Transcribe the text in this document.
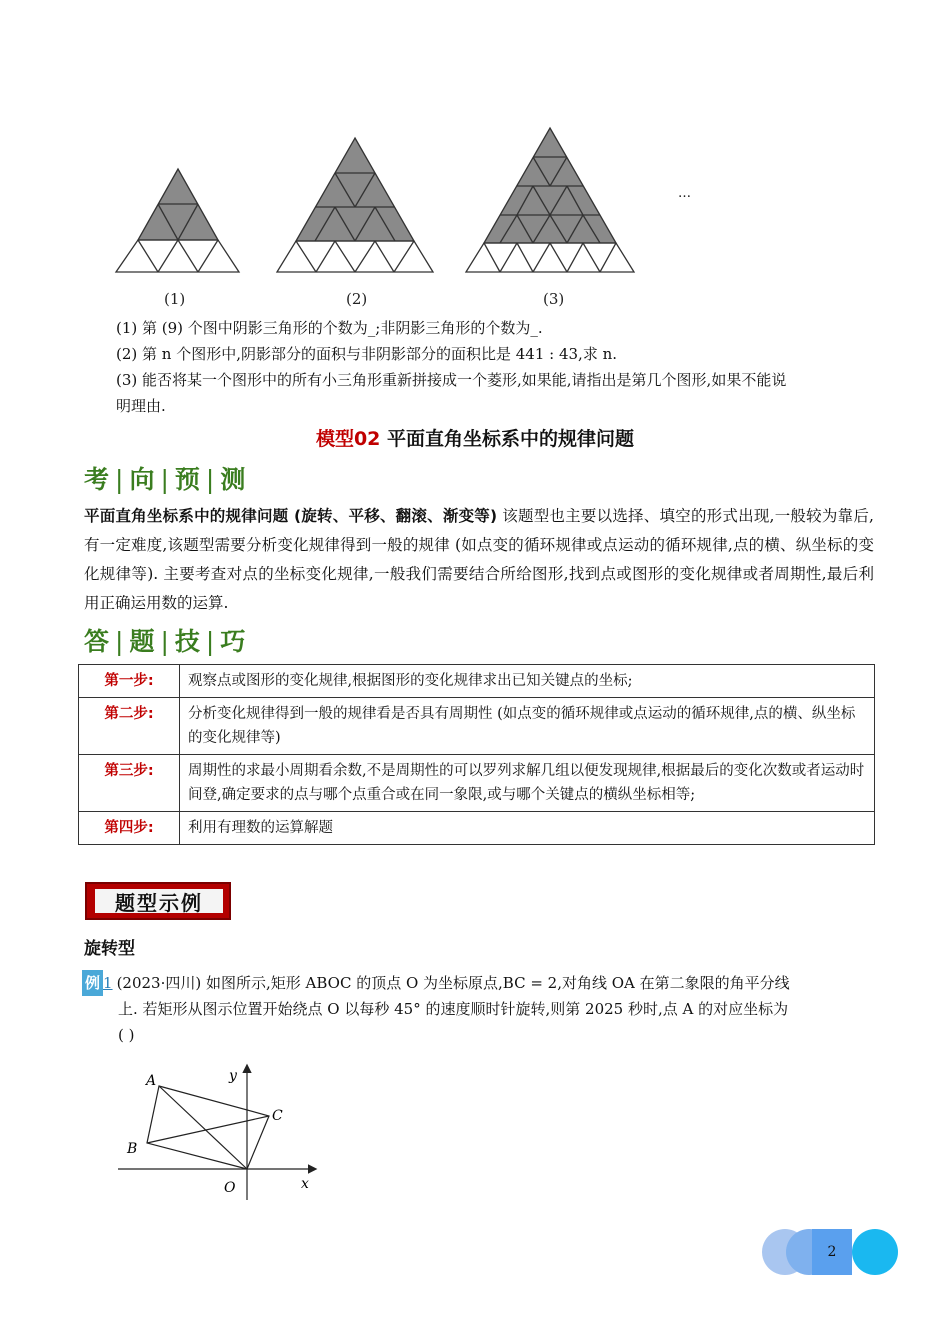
…
(1)	(2)	(3)
(1) 第 (9) 个图中阴影三角形的个数为_;非阴影三角形的个数为_.
(2) 第 n 个图形中,阴影部分的面积与非阴影部分的面积比是 441 : 43,求 n.
(3) 能否将某一个图形中的所有小三角形重新拼接成一个菱形,如果能,请指出是第几个图形,如果不能说
明理由.
模型02 平面直角坐标系中的规律问题
考 | 向 | 预 | 测
平面直角坐标系中的规律问题 (旋转、平移、翻滚、渐变等) 该题型也主要以选择、填空的形式出现,一般较为靠后,有一定难度,该题型需要分析变化规律得到一般的规律 (如点变的循环规律或点运动的循环规律,点的横、纵坐标的变化规律等). 主要考查对点的坐标变化规律,一般我们需要结合所给图形,找到点或图形的变化规律或者周期性,最后利用正确运用数的运算.
答 | 题 | 技 | 巧
第一步:	观察点或图形的变化规律,根据图形的变化规律求出已知关键点的坐标;
第二步:	分析变化规律得到一般的规律看是否具有周期性 (如点变的循环规律或点运动的循环规律,点的横、纵坐标的变化规律等)
第三步:	周期性的求最小周期看余数,不是周期性的可以罗列求解几组以便发现规律,根据最后的变化次数或者运动时间登,确定要求的点与哪个点重合或在同一象限,或与哪个关键点的横纵坐标相等;
第四步:	利用有理数的运算解题
题型示例
旋转型
例 1 (2023·四川) 如图所示,矩形 ABOC 的顶点 O 为坐标原点,BC = 2,对角线 OA 在第二象限的角平分线
上. 若矩形从图示位置开始绕点 O 以每秒 45° 的速度顺时针旋转,则第 2025 秒时,点 A 的对应坐标为
( )
A
B
C
O	x
y
2
